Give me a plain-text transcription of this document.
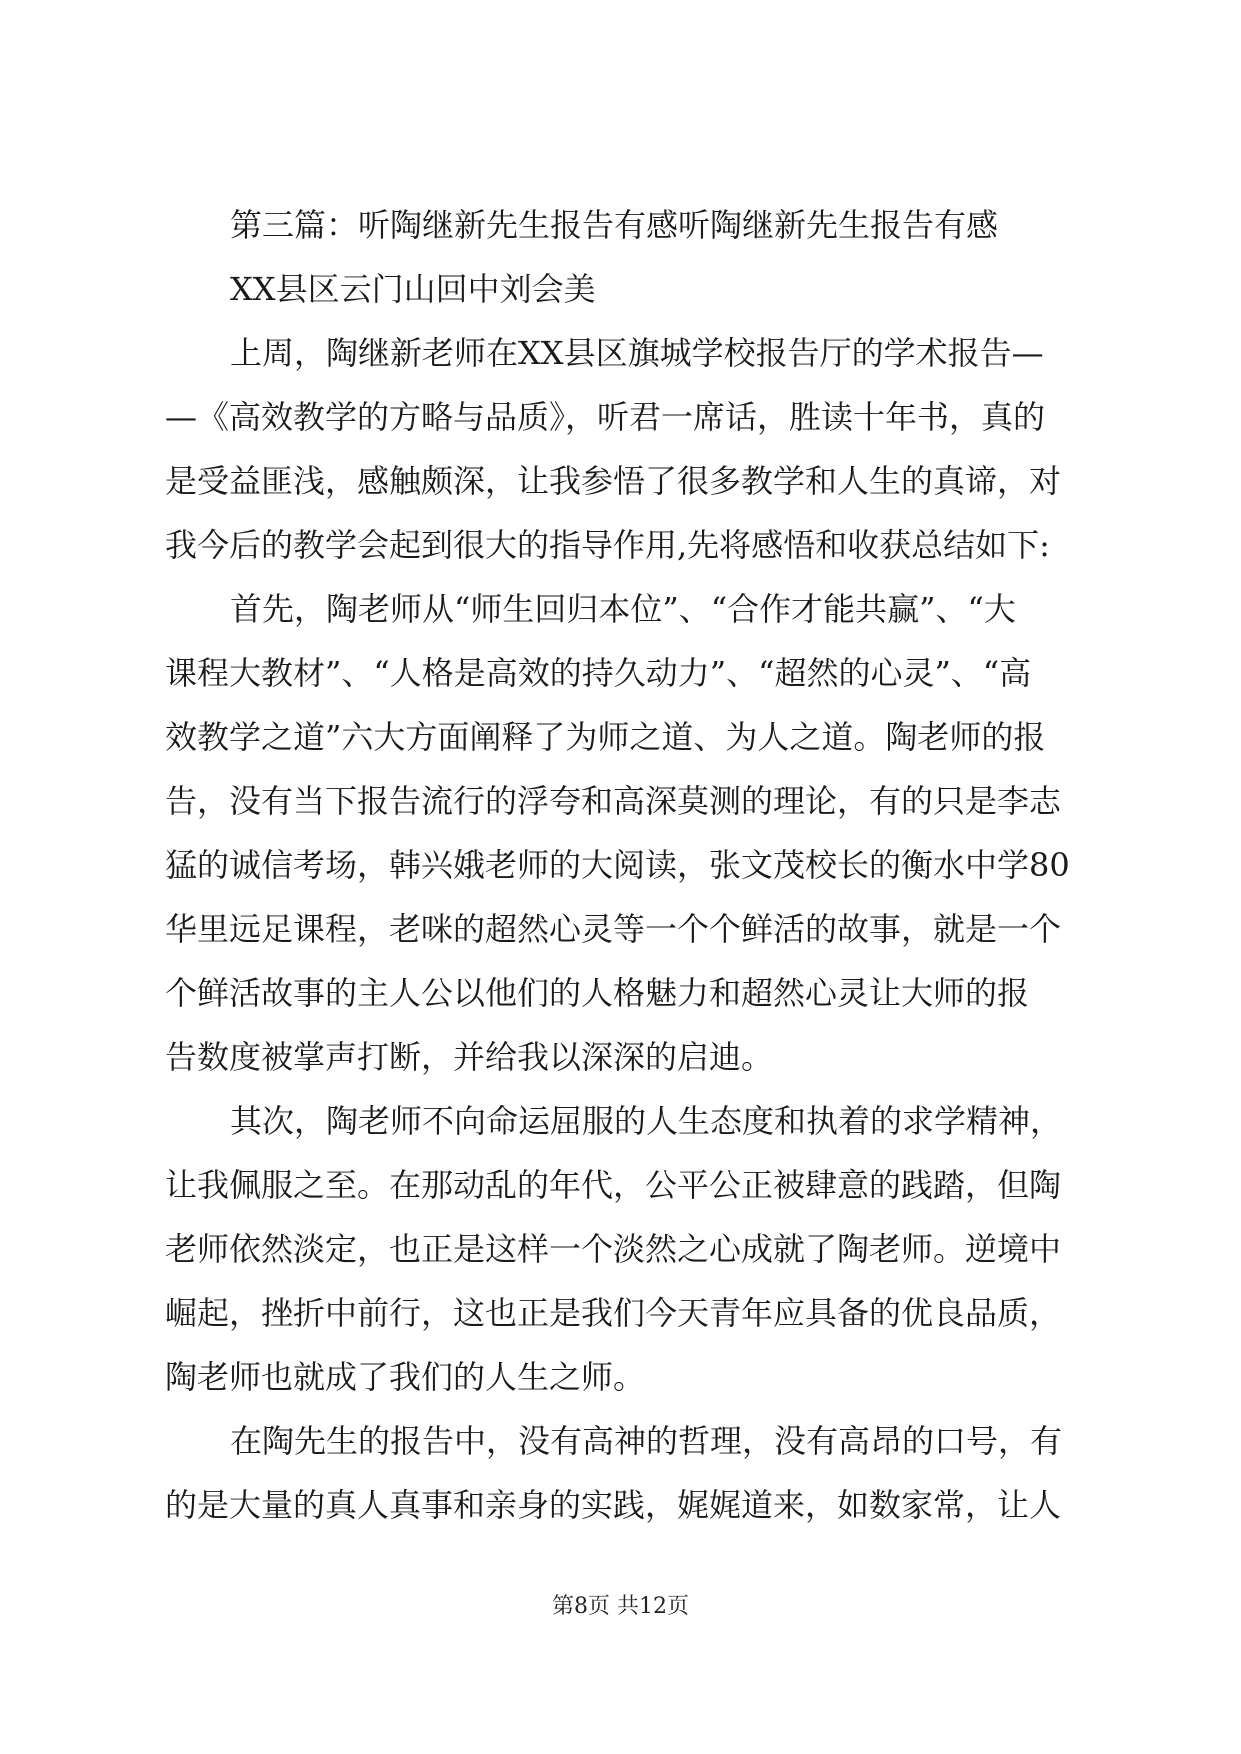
第三篇：听陶继新先生报告有感听陶继新先生报告有感
XX县区云门山回中刘会美
上周，陶继新老师在XX县区旗城学校报告厅的学术报告—
—《高效教学的方略与品质》，听君一席话，胜读十年书，真的
是受益匪浅，感触颇深，让我参悟了很多教学和人生的真谛，对
我今后的教学会起到很大的指导作用,先将感悟和收获总结如下:
首先，陶老师从“师生回归本位”、“合作才能共赢”、“大
课程大教材”、“人格是高效的持久动力”、“超然的心灵”、“高
效教学之道”六大方面阐释了为师之道、为人之道。陶老师的报
告，没有当下报告流行的浮夸和高深莫测的理论，有的只是李志
猛的诚信考场，韩兴娥老师的大阅读，张文茂校长的衡水中学80
华里远足课程，老咪的超然心灵等一个个鲜活的故事，就是一个
个鲜活故事的主人公以他们的人格魅力和超然心灵让大师的报
告数度被掌声打断，并给我以深深的启迪。
其次，陶老师不向命运屈服的人生态度和执着的求学精神，
让我佩服之至。在那动乱的年代，公平公正被肆意的践踏，但陶
老师依然淡定，也正是这样一个淡然之心成就了陶老师。逆境中
崛起，挫折中前行，这也正是我们今天青年应具备的优良品质，
陶老师也就成了我们的人生之师。
在陶先生的报告中，没有高神的哲理，没有高昂的口号，有
的是大量的真人真事和亲身的实践，娓娓道来，如数家常，让人
第8页 共12页
